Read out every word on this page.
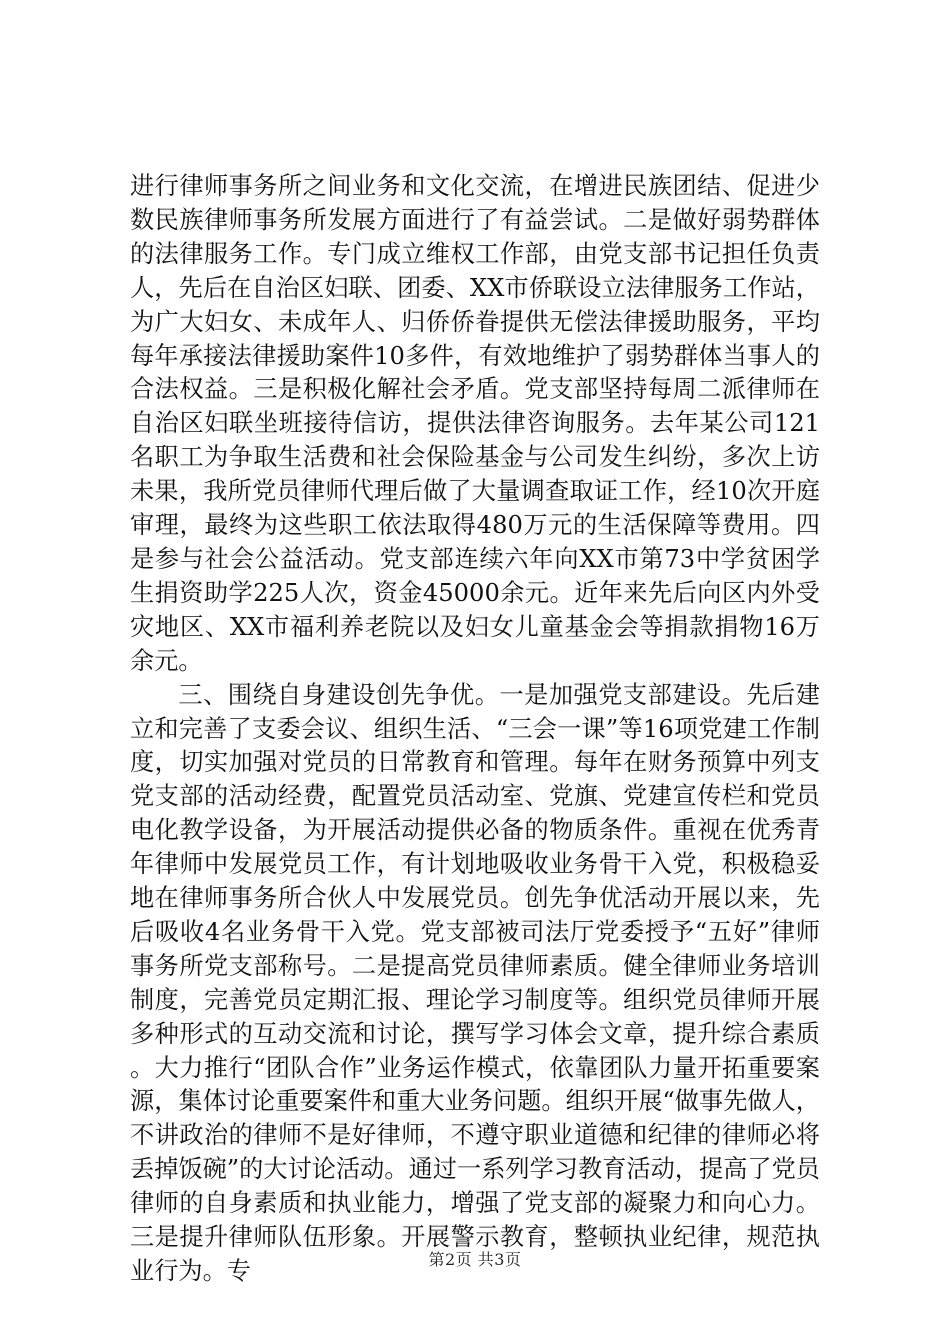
进行律师事务所之间业务和文化交流，在增进民族团结、促进少数民族律师事务所发展方面进行了有益尝试。二是做好弱势群体的法律服务工作。专门成立维权工作部，由党支部书记担任负责人，先后在自治区妇联、团委、XX市侨联设立法律服务工作站，为广大妇女、未成年人、归侨侨眷提供无偿法律援助服务，平均每年承接法律援助案件10多件，有效地维护了弱势群体当事人的合法权益。三是积极化解社会矛盾。党支部坚持每周二派律师在自治区妇联坐班接待信访，提供法律咨询服务。去年某公司121名职工为争取生活费和社会保险基金与公司发生纠纷，多次上访未果，我所党员律师代理后做了大量调查取证工作，经10次开庭审理，最终为这些职工依法取得480万元的生活保障等费用。四是参与社会公益活动。党支部连续六年向XX市第73中学贫困学生捐资助学225人次，资金45000余元。近年来先后向区内外受灾地区、XX市福利养老院以及妇女儿童基金会等捐款捐物16万余元。

三、围绕自身建设创先争优。一是加强党支部建设。先后建立和完善了支委会议、组织生活、“三会一课”等16项党建工作制度，切实加强对党员的日常教育和管理。每年在财务预算中列支党支部的活动经费，配置党员活动室、党旗、党建宣传栏和党员电化教学设备，为开展活动提供必备的物质条件。重视在优秀青年律师中发展党员工作，有计划地吸收业务骨干入党，积极稳妥地在律师事务所合伙人中发展党员。创先争优活动开展以来，先后吸收4名业务骨干入党。党支部被司法厅党委授予“五好”律师事务所党支部称号。二是提高党员律师素质。健全律师业务培训制度，完善党员定期汇报、理论学习制度等。组织党员律师开展多种形式的互动交流和讨论，撰写学习体会文章，提升综合素质。大力推行“团队合作”业务运作模式，依靠团队力量开拓重要案源，集体讨论重要案件和重大业务问题。组织开展“做事先做人，不讲政治的律师不是好律师，不遵守职业道德和纪律的律师必将丢掉饭碗”的大讨论活动。通过一系列学习教育活动，提高了党员律师的自身素质和执业能力，增强了党支部的凝聚力和向心力。三是提升律师队伍形象。开展警示教育，整顿执业纪律，规范执业行为。专	第2页 共3页
